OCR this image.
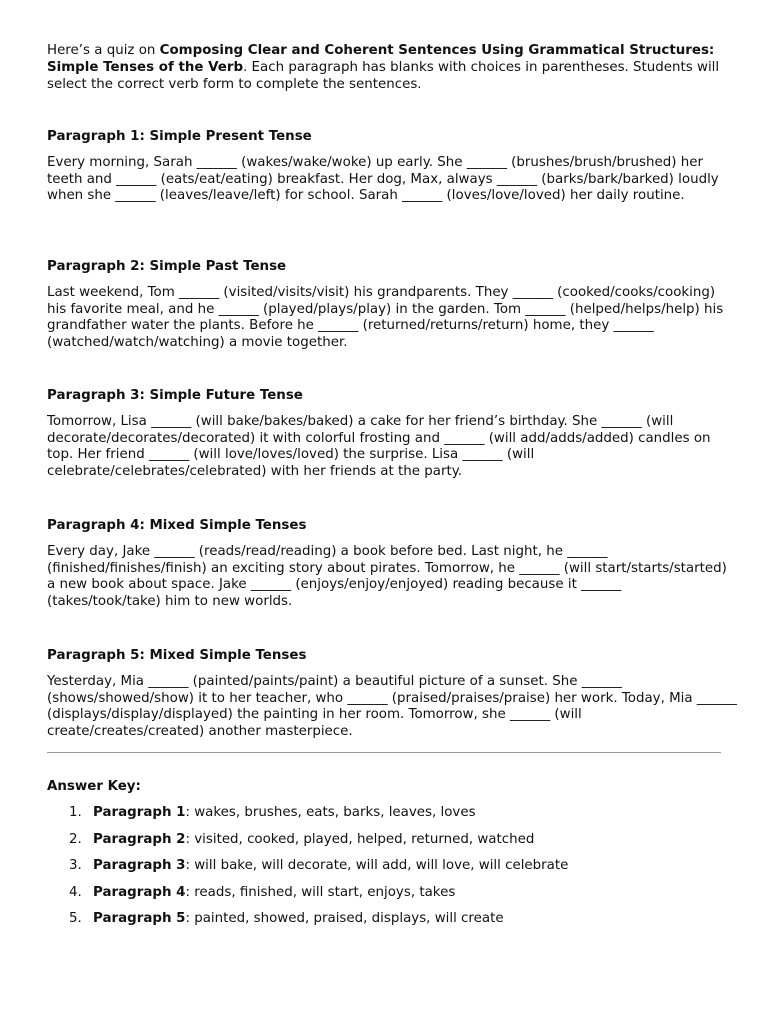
Here’s a quiz on Composing Clear and Coherent Sentences Using Grammatical Structures: Simple Tenses of the Verb. Each paragraph has blanks with choices in parentheses. Students will select the correct verb form to complete the sentences.

Paragraph 1: Simple Present Tense

Every morning, Sarah ______ (wakes/wake/woke) up early. She ______ (brushes/brush/brushed) her teeth and ______ (eats/eat/eating) breakfast. Her dog, Max, always ______ (barks/bark/barked) loudly when she ______ (leaves/leave/left) for school. Sarah ______ (loves/love/loved) her daily routine.

Paragraph 2: Simple Past Tense

Last weekend, Tom ______ (visited/visits/visit) his grandparents. They ______ (cooked/cooks/cooking) his favorite meal, and he ______ (played/plays/play) in the garden. Tom ______ (helped/helps/help) his grandfather water the plants. Before he ______ (returned/returns/return) home, they ______ (watched/watch/watching) a movie together.

Paragraph 3: Simple Future Tense

Tomorrow, Lisa ______ (will bake/bakes/baked) a cake for her friend’s birthday. She ______ (will decorate/decorates/decorated) it with colorful frosting and ______ (will add/adds/added) candles on top. Her friend ______ (will love/loves/loved) the surprise. Lisa ______ (will celebrate/celebrates/celebrated) with her friends at the party.

Paragraph 4: Mixed Simple Tenses

Every day, Jake ______ (reads/read/reading) a book before bed. Last night, he ______ (finished/finishes/finish) an exciting story about pirates. Tomorrow, he ______ (will start/starts/started) a new book about space. Jake ______ (enjoys/enjoy/enjoyed) reading because it ______ (takes/took/take) him to new worlds.

Paragraph 5: Mixed Simple Tenses

Yesterday, Mia ______ (painted/paints/paint) a beautiful picture of a sunset. She ______ (shows/showed/show) it to her teacher, who ______ (praised/praises/praise) her work. Today, Mia ______ (displays/display/displayed) the painting in her room. Tomorrow, she ______ (will create/creates/created) another masterpiece.

Answer Key:

1. Paragraph 1: wakes, brushes, eats, barks, leaves, loves
2. Paragraph 2: visited, cooked, played, helped, returned, watched
3. Paragraph 3: will bake, will decorate, will add, will love, will celebrate
4. Paragraph 4: reads, finished, will start, enjoys, takes
5. Paragraph 5: painted, showed, praised, displays, will create
